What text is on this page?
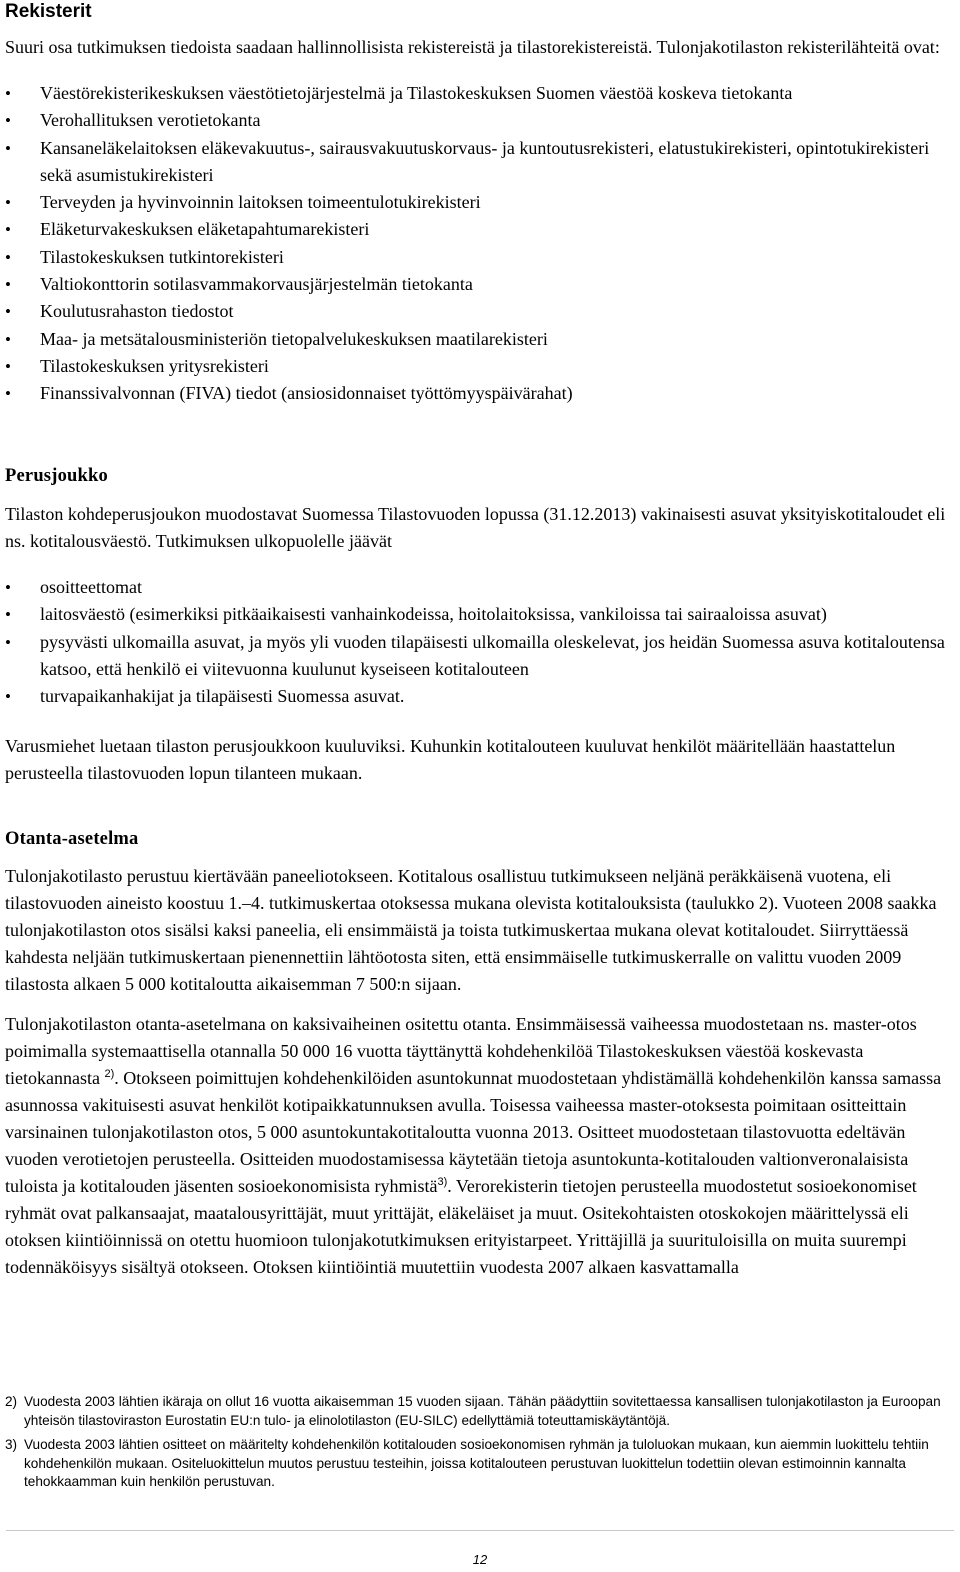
Rekisterit

Suuri osa tutkimuksen tiedoista saadaan hallinnollisista rekistereistä ja tilastorekistereistä. Tulonjakotilaston rekisterilähteitä ovat:

• Väestörekisterikeskuksen väestötietojärjestelmä ja Tilastokeskuksen Suomen väestöä koskeva tietokanta
• Verohallituksen verotietokanta
• Kansaneläkelaitoksen eläkevakuutus-, sairausvakuutuskorvaus- ja kuntoutusrekisteri, elatustukirekisteri, opintotukirekisteri sekä asumistukirekisteri
• Terveyden ja hyvinvoinnin laitoksen toimeentulotukirekisteri
• Eläketurvakeskuksen eläketapahtumarekisteri
• Tilastokeskuksen tutkintorekisteri
• Valtiokonttorin sotilasvammakorvausjärjestelmän tietokanta
• Koulutusrahaston tiedostot
• Maa- ja metsätalousministeriön tietopalvelukeskuksen maatilarekisteri
• Tilastokeskuksen yritysrekisteri
• Finanssivalvonnan (FIVA) tiedot (ansiosidonnaiset työttömyyspäivärahat)
Perusjoukko

Tilaston kohdeperusjoukon muodostavat Suomessa Tilastovuoden lopussa (31.12.2013) vakinaisesti asuvat yksityiskotitaloudet eli ns. kotitalousväestö. Tutkimuksen ulkopuolelle jäävät

• osoitteettomat
• laitosväestö (esimerkiksi pitkäaikaisesti vanhainkodeissa, hoitolaitoksissa, vankiloissa tai sairaaloissa asuvat)
• pysyvästi ulkomailla asuvat, ja myös yli vuoden tilapäisesti ulkomailla oleskelevat, jos heidän Suomessa asuva kotitaloutensa katsoo, että henkilö ei viitevuonna kuulunut kyseiseen kotitalouteen
• turvapaikanhakijat ja tilapäisesti Suomessa asuvat.

Varusmiehet luetaan tilaston perusjoukkoon kuuluviksi. Kuhunkin kotitalouteen kuuluvat henkilöt määritellään haastattelun perusteella tilastovuoden lopun tilanteen mukaan.

Otanta-asetelma

Tulonjakotilasto perustuu kiertävään paneeliotokseen. Kotitalous osallistuu tutkimukseen neljänä peräkkäisenä vuotena, eli tilastovuoden aineisto koostuu 1.–4. tutkimuskertaa otoksessa mukana olevista kotitalouksista (taulukko 2). Vuoteen 2008 saakka tulonjakotilaston otos sisälsi kaksi paneelia, eli ensimmäistä ja toista tutkimuskertaa mukana olevat kotitaloudet. Siirryttäessä kahdesta neljään tutkimuskertaan pienennettiin lähtöotosta siten, että ensimmäiselle tutkimuskerralle on valittu vuoden 2009 tilastosta alkaen 5 000 kotitaloutta aikaisemman 7 500:n sijaan.

Tulonjakotilaston otanta-asetelmana on kaksivaiheinen ositettu otanta. Ensimmäisessä vaiheessa muodostetaan ns. master-otos poimimalla systemaattisella otannalla 50 000 16 vuotta täyttänyttä kohdehenkilöä Tilastokeskuksen väestöä koskevasta tietokannasta $^{2)}$. Otokseen poimittujen kohdehenkilöiden asuntokunnat muodostetaan yhdistämällä kohdehenkilön kanssa samassa asunnossa vakituisesti asuvat henkilöt kotipaikkatunnuksen avulla. Toisessa vaiheessa master-otoksesta poimitaan ositteittain varsinainen tulonjakotilaston otos, 5 000 asuntokuntakotitaloutta vuonna 2013. Ositteet muodostetaan tilastovuotta edeltävän vuoden verotietojen perusteella. Ositteiden muodostamisessa käytetään tietoja asuntokunta-kotitalouden valtionveronalaisista tuloista ja kotitalouden jäsenten sosioekonomisista ryhmistä$^{3)}$. Verorekisterin tietojen perusteella muodostetut sosioekonomiset ryhmät ovat palkansaajat, maatalousyrittäjät, muut yrittäjät, eläkeläiset ja muut. Ositekohtaisten otoskokojen määrittelyssä eli otoksen kiintiöinnissä on otettu huomioon tulonjakotutkimuksen erityistarpeet. Yrittäjillä ja suurituloisilla on muita suurempi todennäköisyys sisältyä otokseen. Otoksen kiintiöintiä muutettiin vuodesta 2007 alkaen kasvattamalla

2) Vuodesta 2003 lähtien ikäraja on ollut 16 vuotta aikaisemman 15 vuoden sijaan. Tähän päädyttiin sovitettaessa kansallisen tulonjakotilaston ja Euroopan yhteisön tilastoviraston Eurostatin EU:n tulo- ja elinolotilaston (EU-SILC) edellyttämiä toteuttamiskäytäntöjä.
3) Vuodesta 2003 lähtien ositteet on määritelty kohdehenkilön kotitalouden sosioekonomisen ryhmän ja tuloluokan mukaan, kun aiemmin luokittelu tehtiin kohdehenkilön mukaan. Ositeluokittelun muutos perustuu testeihin, joissa kotitalouteen perustuvan luokittelun todettiin olevan estimoinnin kannalta tehokkaamman kuin henkilön perustuvan.
12
